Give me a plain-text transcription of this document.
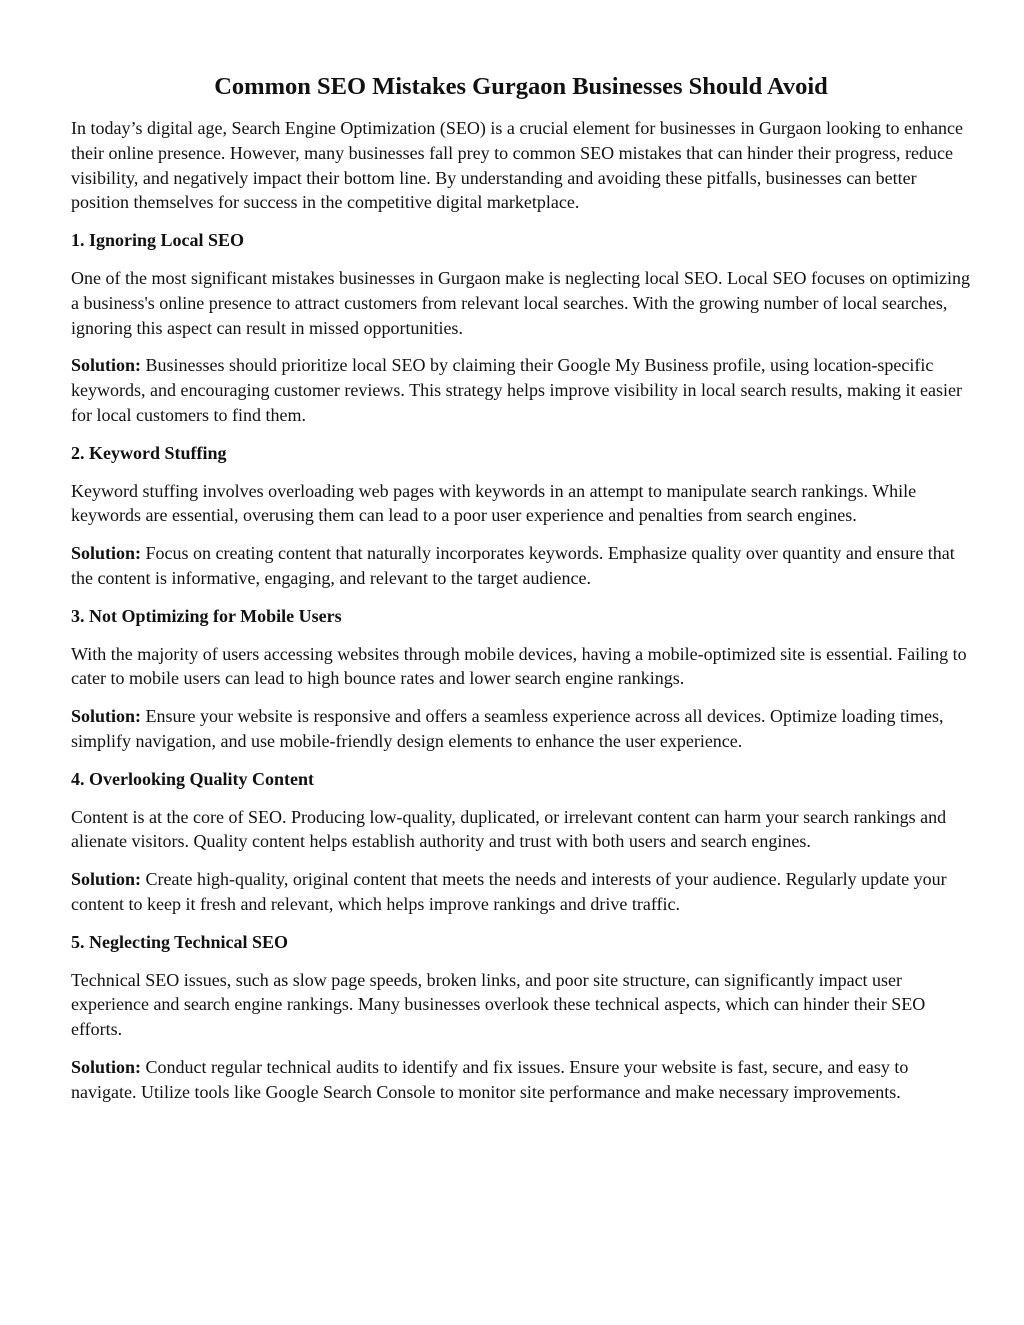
Common SEO Mistakes Gurgaon Businesses Should Avoid

In today’s digital age, Search Engine Optimization (SEO) is a crucial element for businesses in Gurgaon looking to enhance their online presence. However, many businesses fall prey to common SEO mistakes that can hinder their progress, reduce visibility, and negatively impact their bottom line. By understanding and avoiding these pitfalls, businesses can better position themselves for success in the competitive digital marketplace.

1. Ignoring Local SEO

One of the most significant mistakes businesses in Gurgaon make is neglecting local SEO. Local SEO focuses on optimizing a business's online presence to attract customers from relevant local searches. With the growing number of local searches, ignoring this aspect can result in missed opportunities.

Solution: Businesses should prioritize local SEO by claiming their Google My Business profile, using location-specific keywords, and encouraging customer reviews. This strategy helps improve visibility in local search results, making it easier for local customers to find them.

2. Keyword Stuffing

Keyword stuffing involves overloading web pages with keywords in an attempt to manipulate search rankings. While keywords are essential, overusing them can lead to a poor user experience and penalties from search engines.

Solution: Focus on creating content that naturally incorporates keywords. Emphasize quality over quantity and ensure that the content is informative, engaging, and relevant to the target audience.

3. Not Optimizing for Mobile Users

With the majority of users accessing websites through mobile devices, having a mobile-optimized site is essential. Failing to cater to mobile users can lead to high bounce rates and lower search engine rankings.

Solution: Ensure your website is responsive and offers a seamless experience across all devices. Optimize loading times, simplify navigation, and use mobile-friendly design elements to enhance the user experience.

4. Overlooking Quality Content

Content is at the core of SEO. Producing low-quality, duplicated, or irrelevant content can harm your search rankings and alienate visitors. Quality content helps establish authority and trust with both users and search engines.

Solution: Create high-quality, original content that meets the needs and interests of your audience. Regularly update your content to keep it fresh and relevant, which helps improve rankings and drive traffic.

5. Neglecting Technical SEO

Technical SEO issues, such as slow page speeds, broken links, and poor site structure, can significantly impact user experience and search engine rankings. Many businesses overlook these technical aspects, which can hinder their SEO efforts.

Solution: Conduct regular technical audits to identify and fix issues. Ensure your website is fast, secure, and easy to navigate. Utilize tools like Google Search Console to monitor site performance and make necessary improvements.
